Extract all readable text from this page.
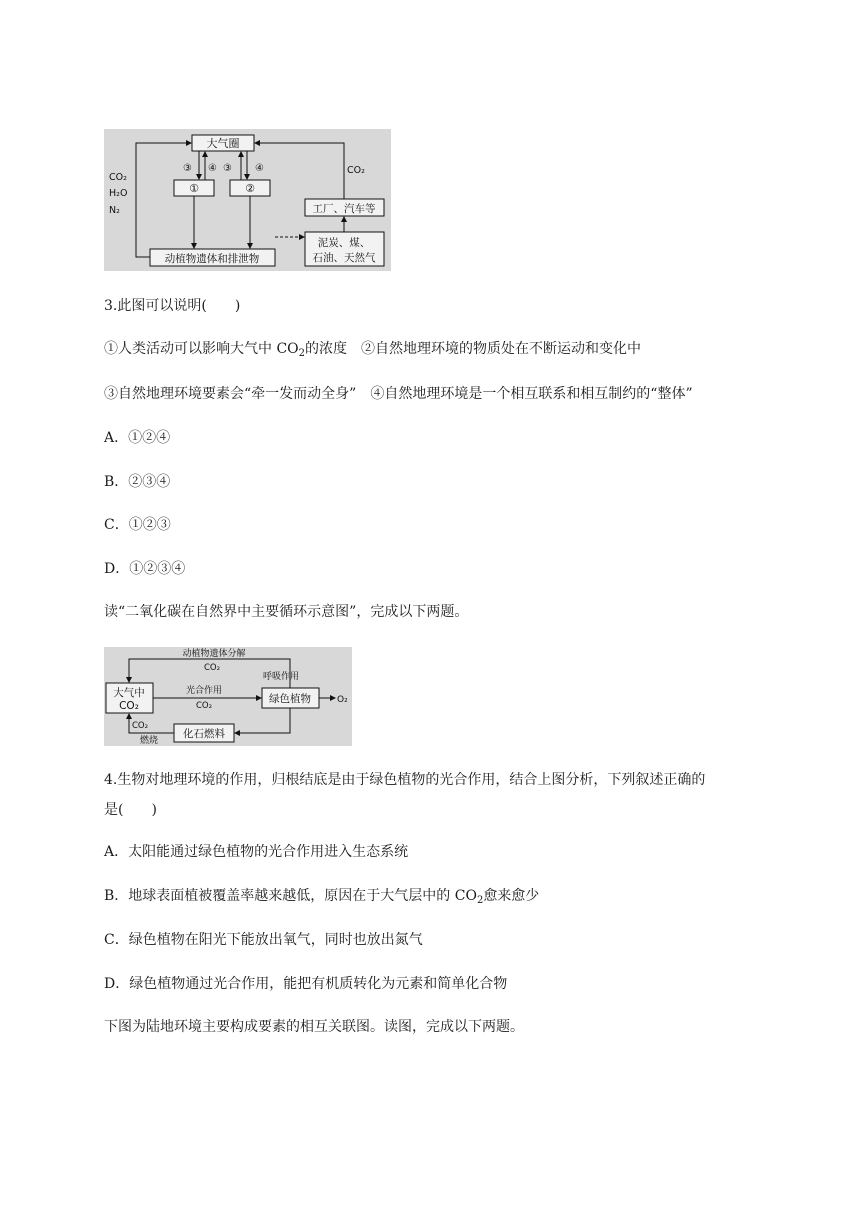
大气圈
①	②
工厂、汽车等
泥炭、煤、
石油、天然气
动植物遗体和排泄物
③ ④ ③ ④
CO₂
H₂O
N₂
CO₂
3.此图可以说明(　　)
①人类活动可以影响大气中 $CO_2$的浓度　②自然地理环境的物质处在不断运动和变化中
③自然地理环境要素会“牵一发而动全身”　④自然地理环境是一个相互联系和相互制约的“整体”
A．①②④
B．②③④
C．①②③
D．①②③④
读“二氧化碳在自然界中主要循环示意图”，完成以下两题。
大气中
CO₂
绿色植物
化石燃料
动植物遗体分解
CO₂
呼吸作用
光合作用
CO₂
O₂
CO₂
燃烧
4.生物对地理环境的作用，归根结底是由于绿色植物的光合作用，结合上图分析，下列叙述正确的
是(　　)
A．太阳能通过绿色植物的光合作用进入生态系统
B．地球表面植被覆盖率越来越低，原因在于大气层中的 $CO_2$愈来愈少
C．绿色植物在阳光下能放出氧气，同时也放出氮气
D．绿色植物通过光合作用，能把有机质转化为元素和简单化合物
下图为陆地环境主要构成要素的相互关联图。读图，完成以下两题。
